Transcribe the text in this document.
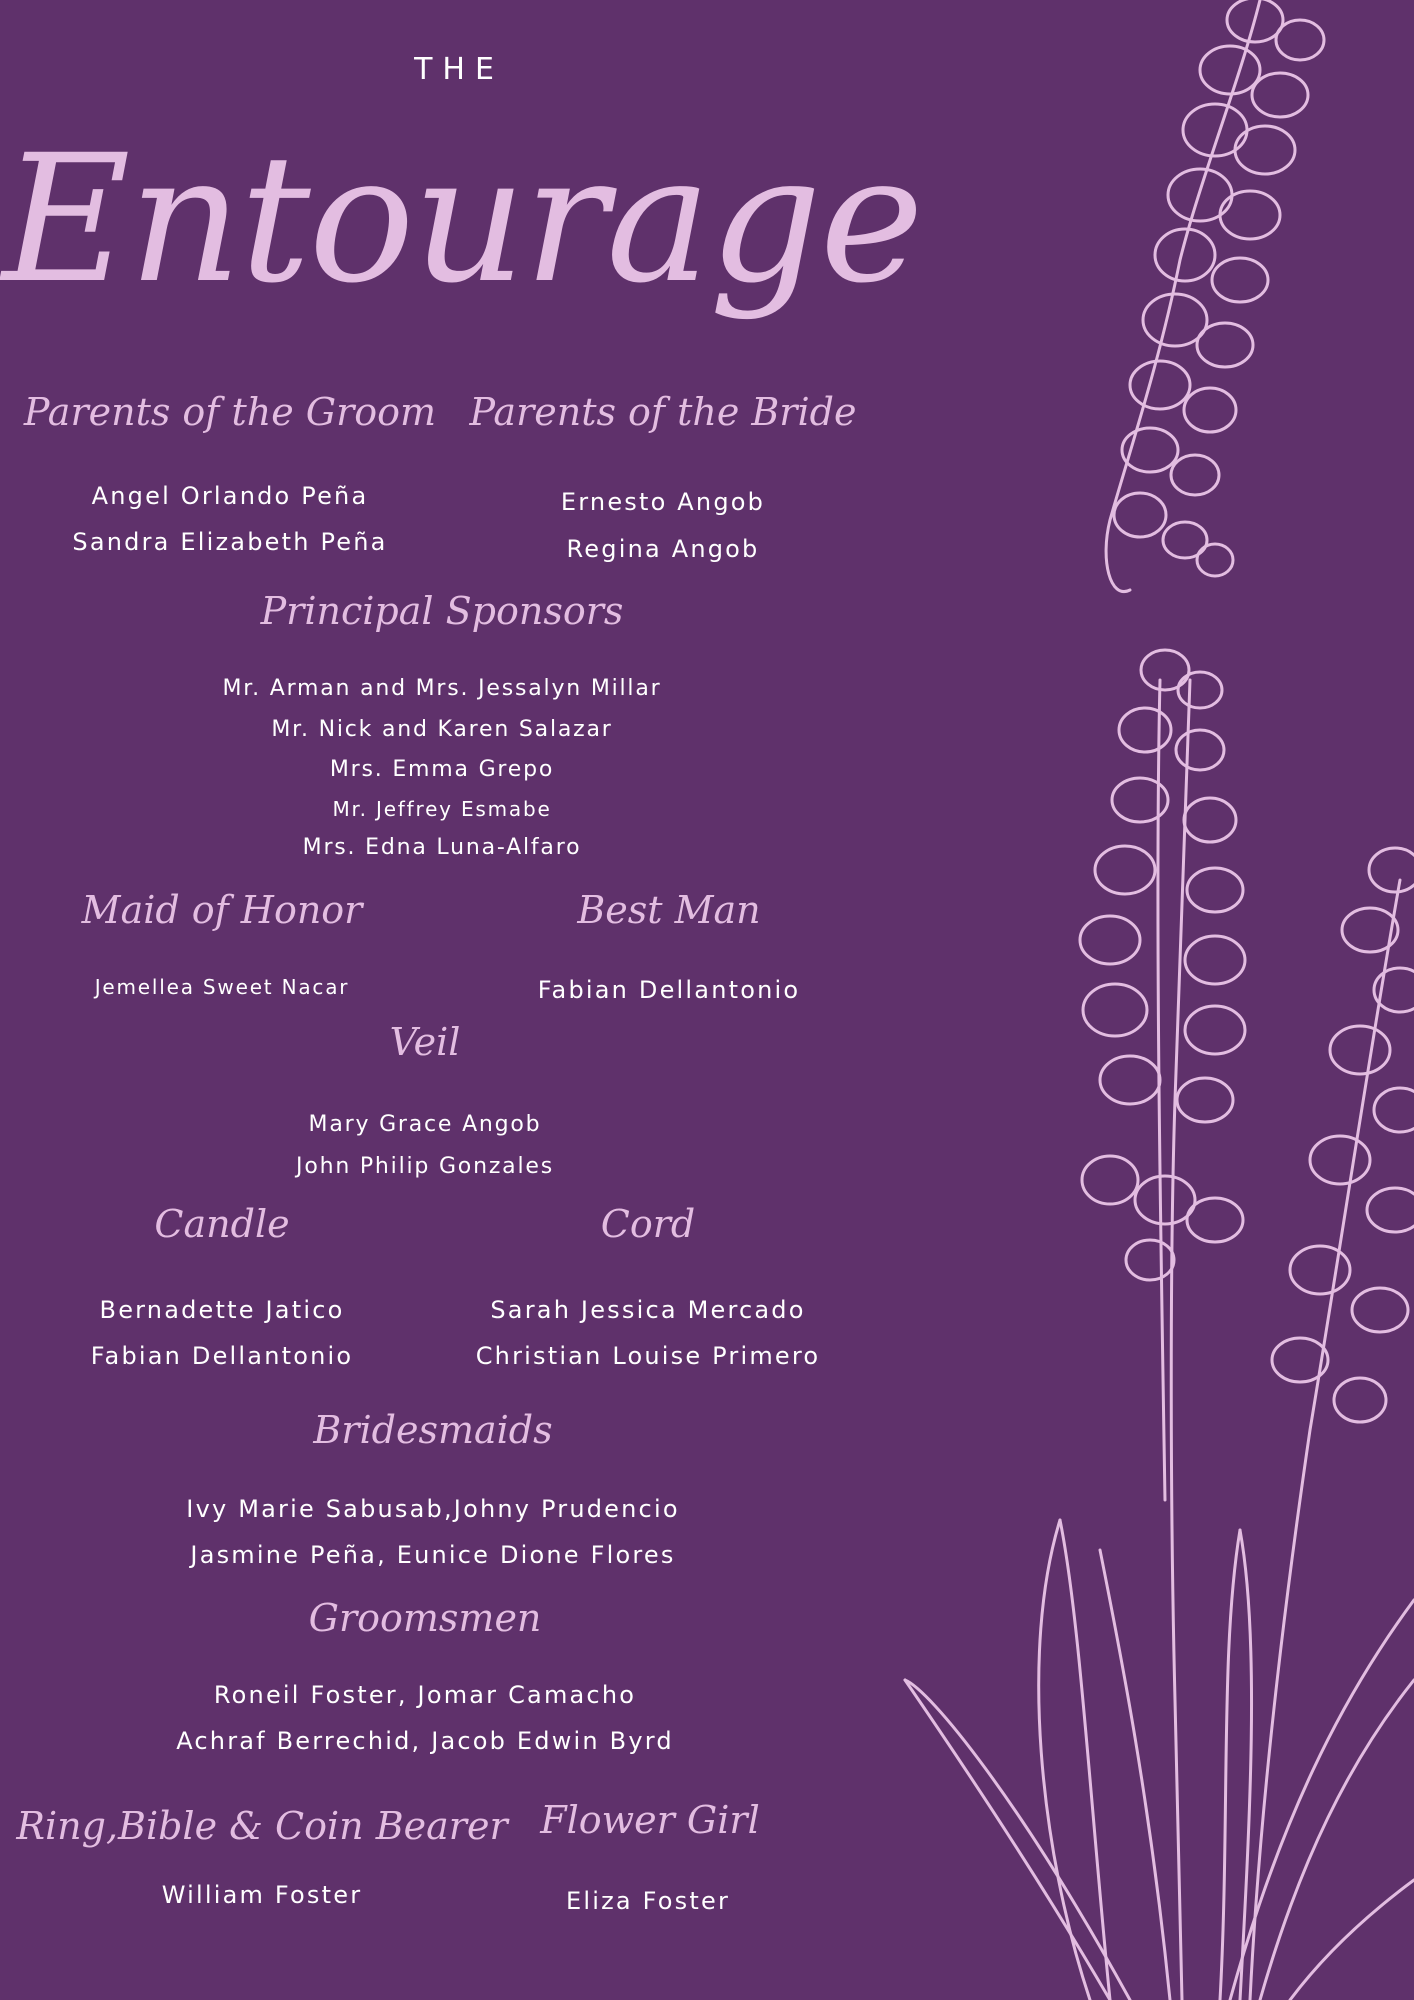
THE
Entourage
Parents of the Groom
Angel Orlando Peña
Sandra Elizabeth Peña
Parents of the Bride
Ernesto Angob
Regina Angob
Principal Sponsors
Mr. Arman and Mrs. Jessalyn Millar
Mr. Nick and Karen Salazar
Mrs. Emma Grepo
Mr. Jeffrey Esmabe
Mrs. Edna Luna-Alfaro
Maid of Honor
Jemellea Sweet Nacar
Best Man
Fabian Dellantonio
Veil
Mary Grace Angob
John Philip Gonzales
Candle
Bernadette Jatico
Fabian Dellantonio
Cord
Sarah Jessica Mercado
Christian Louise Primero
Bridesmaids
Ivy Marie Sabusab,Johny Prudencio
Jasmine Peña, Eunice Dione Flores
Groomsmen
Roneil Foster, Jomar Camacho
Achraf Berrechid, Jacob Edwin Byrd
Ring,Bible & Coin Bearer
William Foster
Flower Girl
Eliza Foster
